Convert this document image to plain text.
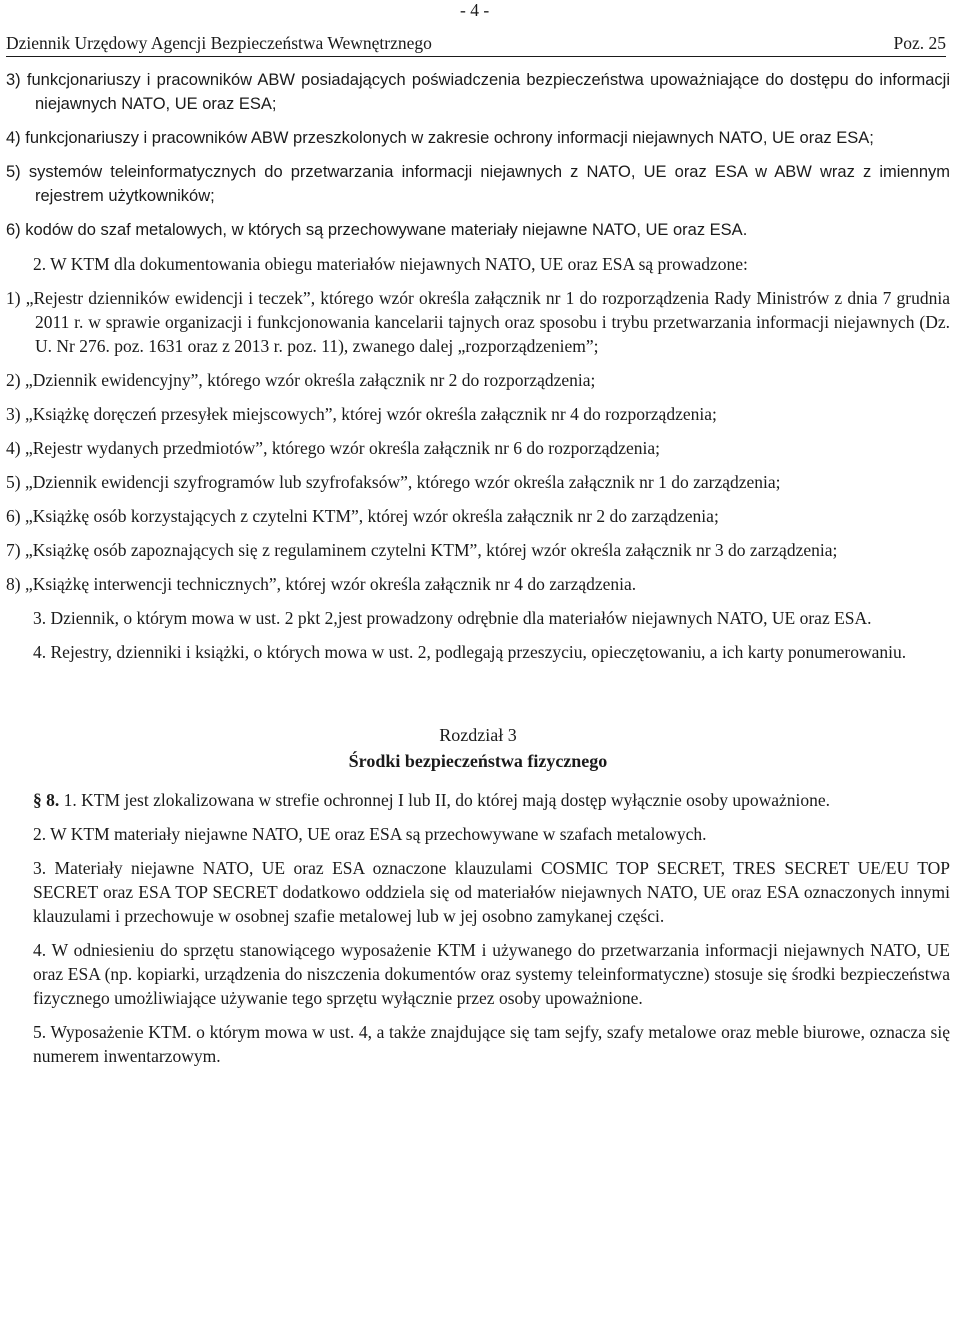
- 4 -
Dziennik Urzędowy Agencji Bezpieczeństwa Wewnętrznego	Poz. 25

3) funkcjonariuszy i pracowników ABW posiadających poświadczenia bezpieczeństwa upoważniające do dostępu do informacji niejawnych NATO, UE oraz ESA;

4) funkcjonariuszy i pracowników ABW przeszkolonych w zakresie ochrony informacji niejawnych NATO, UE oraz ESA;

5) systemów teleinformatycznych do przetwarzania informacji niejawnych z NATO, UE oraz ESA w ABW wraz z imiennym rejestrem użytkowników;

6) kodów do szaf metalowych, w których są przechowywane materiały niejawne NATO, UE oraz ESA.

2. W KTM dla dokumentowania obiegu materiałów niejawnych NATO, UE oraz ESA są prowadzone:

1) „Rejestr dzienników ewidencji i teczek”, którego wzór określa załącznik nr 1 do rozporządzenia Rady Ministrów z dnia 7 grudnia 2011 r. w sprawie organizacji i funkcjonowania kancelarii tajnych oraz sposobu i trybu przetwarzania informacji niejawnych (Dz. U. Nr 276. poz. 1631 oraz z 2013 r. poz. 11), zwanego dalej „rozporządzeniem”;

2) „Dziennik ewidencyjny”, którego wzór określa załącznik nr 2 do rozporządzenia;

3) „Książkę doręczeń przesyłek miejscowych”, której wzór określa załącznik nr 4 do rozporządzenia;

4) „Rejestr wydanych przedmiotów”, którego wzór określa załącznik nr 6 do rozporządzenia;

5) „Dziennik ewidencji szyfrogramów lub szyfrofaksów”, którego wzór określa załącznik nr 1 do zarządzenia;

6) „Książkę osób korzystających z czytelni KTM”, której wzór określa załącznik nr 2 do zarządzenia;

7) „Książkę osób zapoznających się z regulaminem czytelni KTM”, której wzór określa załącznik nr 3 do zarządzenia;

8) „Książkę interwencji technicznych”, której wzór określa załącznik nr 4 do zarządzenia.

3. Dziennik, o którym mowa w ust. 2 pkt 2,jest prowadzony odrębnie dla materiałów niejawnych NATO, UE oraz ESA.

4. Rejestry, dzienniki i książki, o których mowa w ust. 2, podlegają przeszyciu, opieczętowaniu, a ich karty ponumerowaniu.

Rozdział 3
Środki bezpieczeństwa fizycznego

§ 8. 1. KTM jest zlokalizowana w strefie ochronnej I lub II, do której mają dostęp wyłącznie osoby upoważnione.

2. W KTM materiały niejawne NATO, UE oraz ESA są przechowywane w szafach metalowych.

3. Materiały niejawne NATO, UE oraz ESA oznaczone klauzulami COSMIC TOP SECRET, TRES SECRET UE/EU TOP SECRET oraz ESA TOP SECRET dodatkowo oddziela się od materiałów niejawnych NATO, UE oraz ESA oznaczonych innymi klauzulami i przechowuje w osobnej szafie metalowej lub w jej osobno zamykanej części.

4. W odniesieniu do sprzętu stanowiącego wyposażenie KTM i używanego do przetwarzania informacji niejawnych NATO, UE oraz ESA (np. kopiarki, urządzenia do niszczenia dokumentów oraz systemy teleinformatyczne) stosuje się środki bezpieczeństwa fizycznego umożliwiające używanie tego sprzętu wyłącznie przez osoby upoważnione.

5. Wyposażenie KTM. o którym mowa w ust. 4, a także znajdujące się tam sejfy, szafy metalowe oraz meble biurowe, oznacza się numerem inwentarzowym.
